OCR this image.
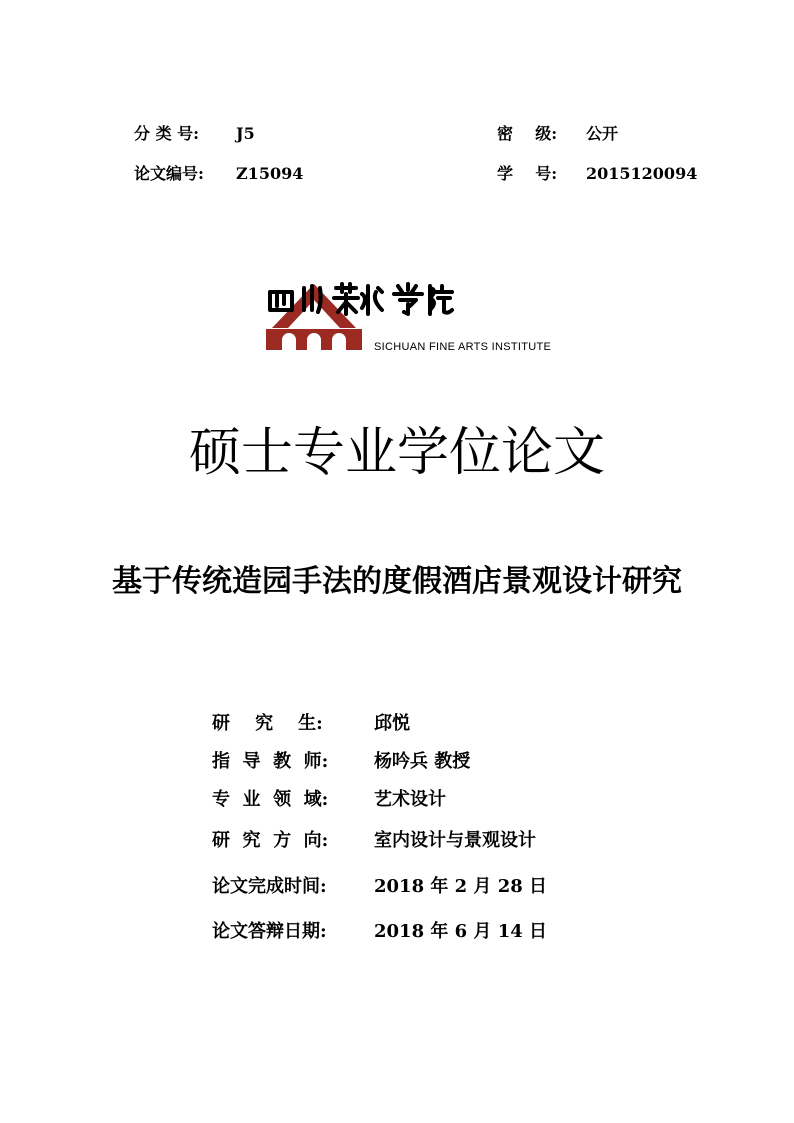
分 类 号: J5	密    级: 公开
论文编号: Z15094	学    号: 2015120094
SICHUAN FINE ARTS INSTITUTE
硕士专业学位论文
基于传统造园手法的度假酒店景观设计研究
研    究    生:	邱悦
指  导  教  师:	杨吟兵 教授
专  业  领  域:	艺术设计
研  究  方  向:	室内设计与景观设计
论文完成时间:	2018 年 2 月 28 日
论文答辩日期:	2018 年 6 月 14 日
